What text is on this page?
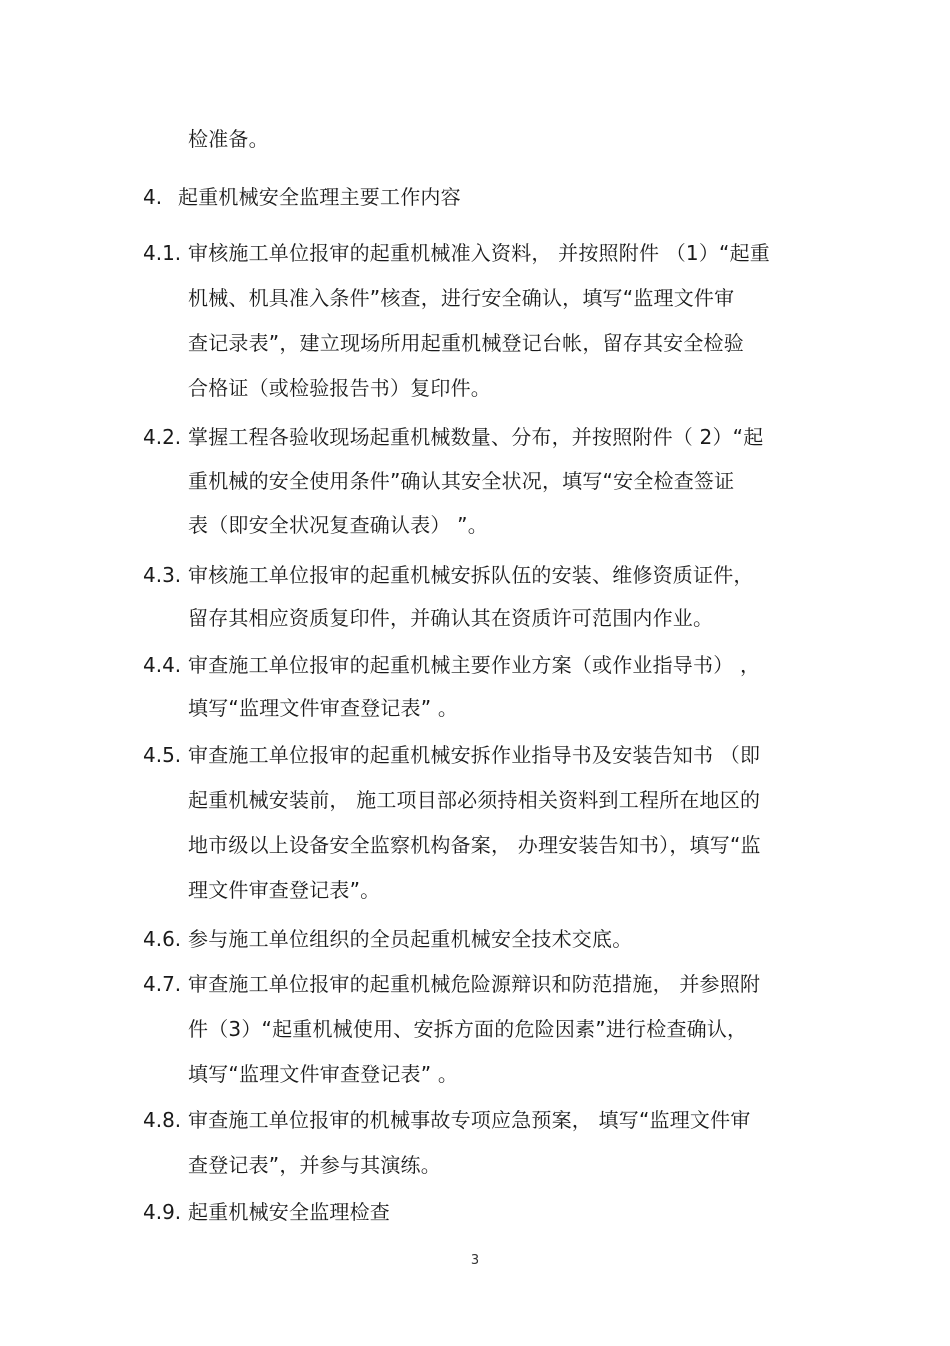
检准备。
4. 起重机械安全监理主要工作内容
4.1. 审核施工单位报审的起重机械准入资料， 并按照附件 （1）“起重
机械、机具准入条件”核查，进行安全确认，填写“监理文件审
查记录表”，建立现场所用起重机械登记台帐，留存其安全检验
合格证（或检验报告书）复印件。
4.2. 掌握工程各验收现场起重机械数量、分布，并按照附件（ 2）“起
重机械的安全使用条件”确认其安全状况，填写“安全检查签证
表（即安全状况复查确认表） ”。
4.3. 审核施工单位报审的起重机械安拆队伍的安装、维修资质证件，
留存其相应资质复印件，并确认其在资质许可范围内作业。
4.4. 审查施工单位报审的起重机械主要作业方案（或作业指导书） ，
填写“监理文件审查登记表” 。
4.5. 审查施工单位报审的起重机械安拆作业指导书及安装告知书 （即
起重机械安装前， 施工项目部必须持相关资料到工程所在地区的
地市级以上设备安全监察机构备案， 办理安装告知书），填写“监
理文件审查登记表”。
4.6. 参与施工单位组织的全员起重机械安全技术交底。
4.7. 审查施工单位报审的起重机械危险源辩识和防范措施， 并参照附
件（3）“起重机械使用、安拆方面的危险因素”进行检查确认，
填写“监理文件审查登记表” 。
4.8. 审查施工单位报审的机械事故专项应急预案， 填写“监理文件审
查登记表”，并参与其演练。
4.9. 起重机械安全监理检查
3
